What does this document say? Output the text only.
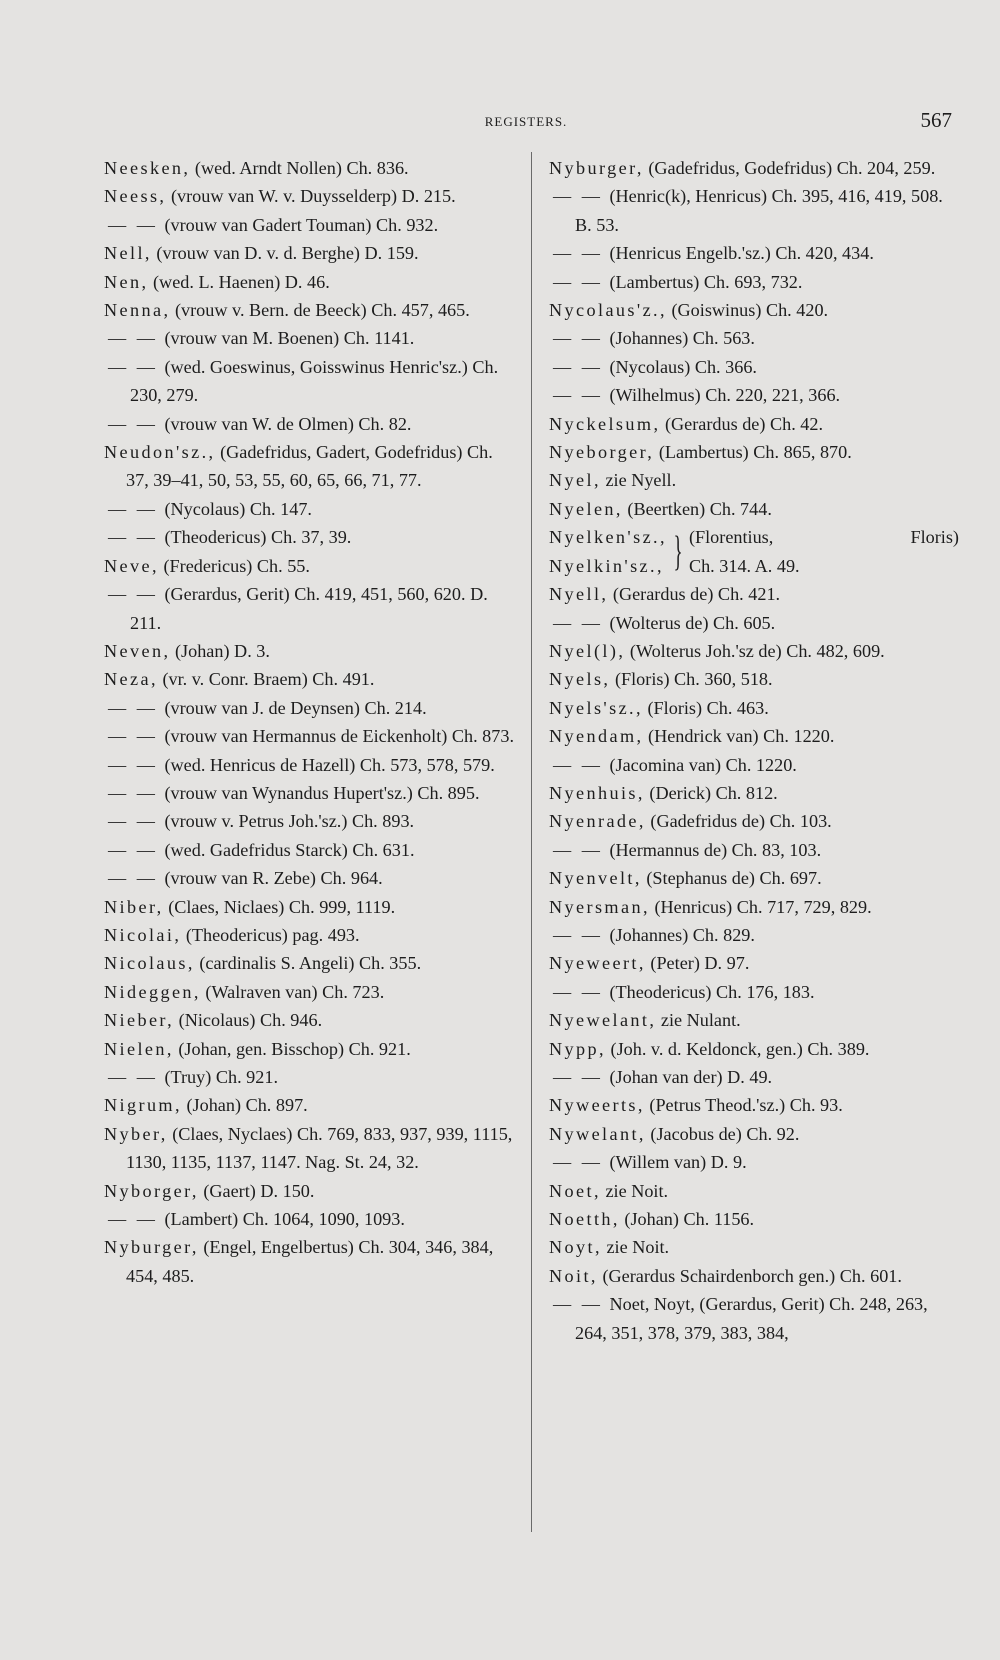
REGISTERS.	567
Neesken, (wed. Arndt Nollen) Ch. 836.
Neess, (vrouw van W. v. Duysselderp) D. 215.
— — (vrouw van Gadert Touman) Ch. 932.
Nell, (vrouw van D. v. d. Berghe) D. 159.
Nen, (wed. L. Haenen) D. 46.
Nenna, (vrouw v. Bern. de Beeck) Ch. 457, 465.
— — (vrouw van M. Boenen) Ch. 1141.
— — (wed. Goeswinus, Goisswinus Henric'sz.) Ch. 230, 279.
— — (vrouw van W. de Olmen) Ch. 82.
Neudon'sz., (Gadefridus, Gadert, Godefridus) Ch. 37, 39–41, 50, 53, 55, 60, 65, 66, 71, 77.
— — (Nycolaus) Ch. 147.
— — (Theodericus) Ch. 37, 39.
Neve, (Fredericus) Ch. 55.
— — (Gerardus, Gerit) Ch. 419, 451, 560, 620. D. 211.
Neven, (Johan) D. 3.
Neza, (vr. v. Conr. Braem) Ch. 491.
— — (vrouw van J. de Deynsen) Ch. 214.
— — (vrouw van Hermannus de Eickenholt) Ch. 873.
— — (wed. Henricus de Hazell) Ch. 573, 578, 579.
— — (vrouw van Wynandus Hupert'sz.) Ch. 895.
— — (vrouw v. Petrus Joh.'sz.) Ch. 893.
— — (wed. Gadefridus Starck) Ch. 631.
— — (vrouw van R. Zebe) Ch. 964.
Niber, (Claes, Niclaes) Ch. 999, 1119.
Nicolai, (Theodericus) pag. 493.
Nicolaus, (cardinalis S. Angeli) Ch. 355.
Nideggen, (Walraven van) Ch. 723.
Nieber, (Nicolaus) Ch. 946.
Nielen, (Johan, gen. Bisschop) Ch. 921.
— — (Truy) Ch. 921.
Nigrum, (Johan) Ch. 897.
Nyber, (Claes, Nyclaes) Ch. 769, 833, 937, 939, 1115, 1130, 1135, 1137, 1147. Nag. St. 24, 32.
Nyborger, (Gaert) D. 150.
— — (Lambert) Ch. 1064, 1090, 1093.
Nyburger, (Engel, Engelbertus) Ch. 304, 346, 384, 454, 485.
Nyburger, (Gadefridus, Godefridus) Ch. 204, 259.
— — (Henric(k), Henricus) Ch. 395, 416, 419, 508. B. 53.
— — (Henricus Engelb.'sz.) Ch. 420, 434.
— — (Lambertus) Ch. 693, 732.
Nycolaus'z., (Goiswinus) Ch. 420.
— — (Johannes) Ch. 563.
— — (Nycolaus) Ch. 366.
— — (Wilhelmus) Ch. 220, 221, 366.
Nyckelsum, (Gerardus de) Ch. 42.
Nyeborger, (Lambertus) Ch. 865, 870.
Nyel, zie Nyell.
Nyelen, (Beertken) Ch. 744.
Nyelken'sz.,
Nyelkin'sz., } (Florentius,	Floris)
Ch. 314. A. 49.
Nyell, (Gerardus de) Ch. 421.
— — (Wolterus de) Ch. 605.
Nyel(l), (Wolterus Joh.'sz de) Ch. 482, 609.
Nyels, (Floris) Ch. 360, 518.
Nyels'sz., (Floris) Ch. 463.
Nyendam, (Hendrick van) Ch. 1220.
— — (Jacomina van) Ch. 1220.
Nyenhuis, (Derick) Ch. 812.
Nyenrade, (Gadefridus de) Ch. 103.
— — (Hermannus de) Ch. 83, 103.
Nyenvelt, (Stephanus de) Ch. 697.
Nyersman, (Henricus) Ch. 717, 729, 829.
— — (Johannes) Ch. 829.
Nyeweert, (Peter) D. 97.
— — (Theodericus) Ch. 176, 183.
Nyewelant, zie Nulant.
Nypp, (Joh. v. d. Keldonck, gen.) Ch. 389.
— — (Johan van der) D. 49.
Nyweerts, (Petrus Theod.'sz.) Ch. 93.
Nywelant, (Jacobus de) Ch. 92.
— — (Willem van) D. 9.
Noet, zie Noit.
Noetth, (Johan) Ch. 1156.
Noyt, zie Noit.
Noit, (Gerardus Schairdenborch gen.) Ch. 601.
— — Noet, Noyt, (Gerardus, Gerit) Ch. 248, 263, 264, 351, 378, 379, 383, 384,
